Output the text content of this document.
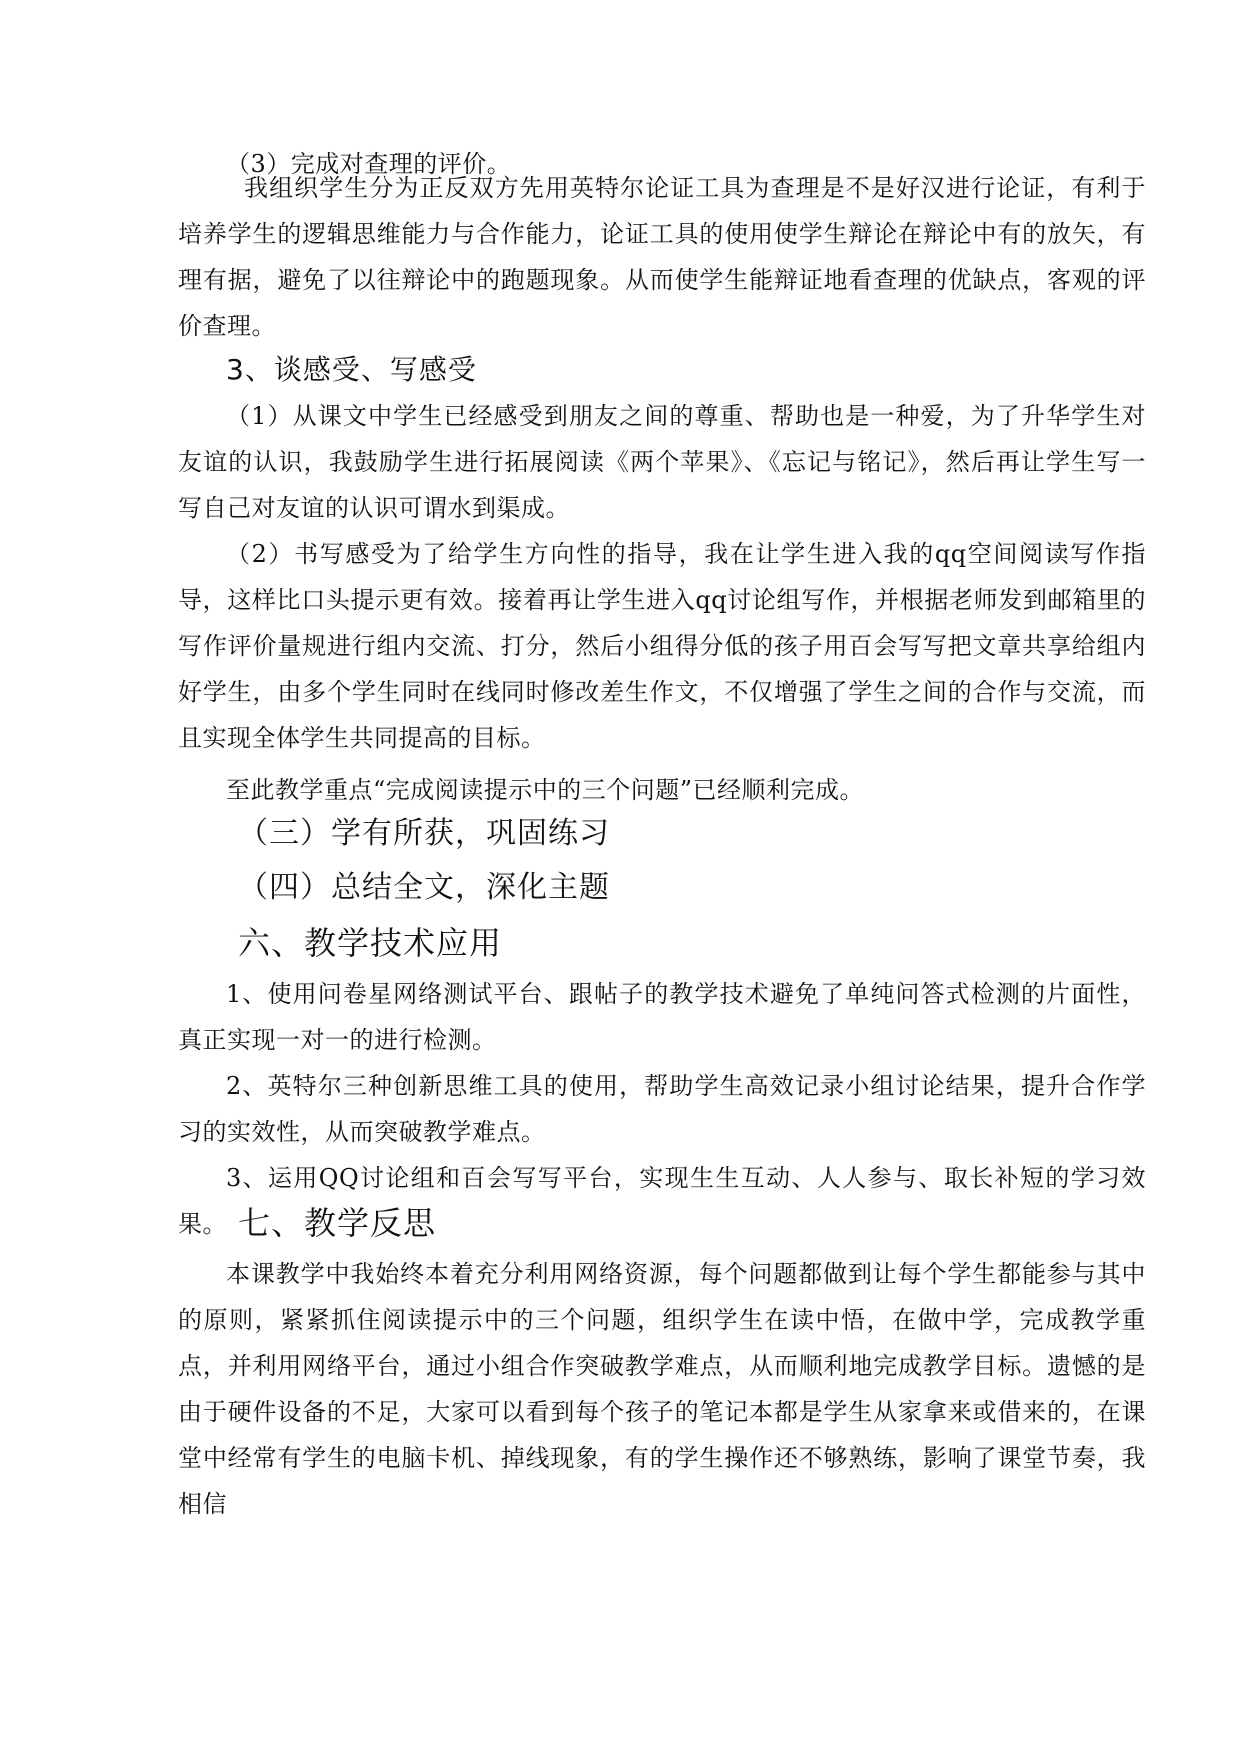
（3）完成对查理的评价。

我组织学生分为正反双方先用英特尔论证工具为查理是不是好汉进行论证，有利于培养学生的逻辑思维能力与合作能力，论证工具的使用使学生辩论在辩论中有的放矢，有理有据，避免了以往辩论中的跑题现象。从而使学生能辩证地看查理的优缺点，客观的评价查理。

3、谈感受、写感受

（1）从课文中学生已经感受到朋友之间的尊重、帮助也是一种爱，为了升华学生对友谊的认识，我鼓励学生进行拓展阅读《两个苹果》、《忘记与铭记》，然后再让学生写一写自己对友谊的认识可谓水到渠成。

（2）书写感受为了给学生方向性的指导，我在让学生进入我的qq空间阅读写作指导，这样比口头提示更有效。接着再让学生进入qq讨论组写作，并根据老师发到邮箱里的写作评价量规进行组内交流、打分，然后小组得分低的孩子用百会写写把文章共享给组内好学生，由多个学生同时在线同时修改差生作文，不仅增强了学生之间的合作与交流，而且实现全体学生共同提高的目标。

至此教学重点“完成阅读提示中的三个问题”已经顺利完成。

（三）学有所获，巩固练习
（四）总结全文，深化主题
六、教学技术应用

1、使用问卷星网络测试平台、跟帖子的教学技术避免了单纯问答式检测的片面性，真正实现一对一的进行检测。

2、英特尔三种创新思维工具的使用，帮助学生高效记录小组讨论结果，提升合作学习的实效性，从而突破教学难点。

3、运用QQ讨论组和百会写写平台，实现生生互动、人人参与、取长补短的学习效果。 七、教学反思

本课教学中我始终本着充分利用网络资源，每个问题都做到让每个学生都能参与其中的原则，紧紧抓住阅读提示中的三个问题，组织学生在读中悟，在做中学，完成教学重点，并利用网络平台，通过小组合作突破教学难点，从而顺利地完成教学目标。遗憾的是由于硬件设备的不足，大家可以看到每个孩子的笔记本都是学生从家拿来或借来的，在课堂中经常有学生的电脑卡机、掉线现象，有的学生操作还不够熟练，影响了课堂节奏，我相信
